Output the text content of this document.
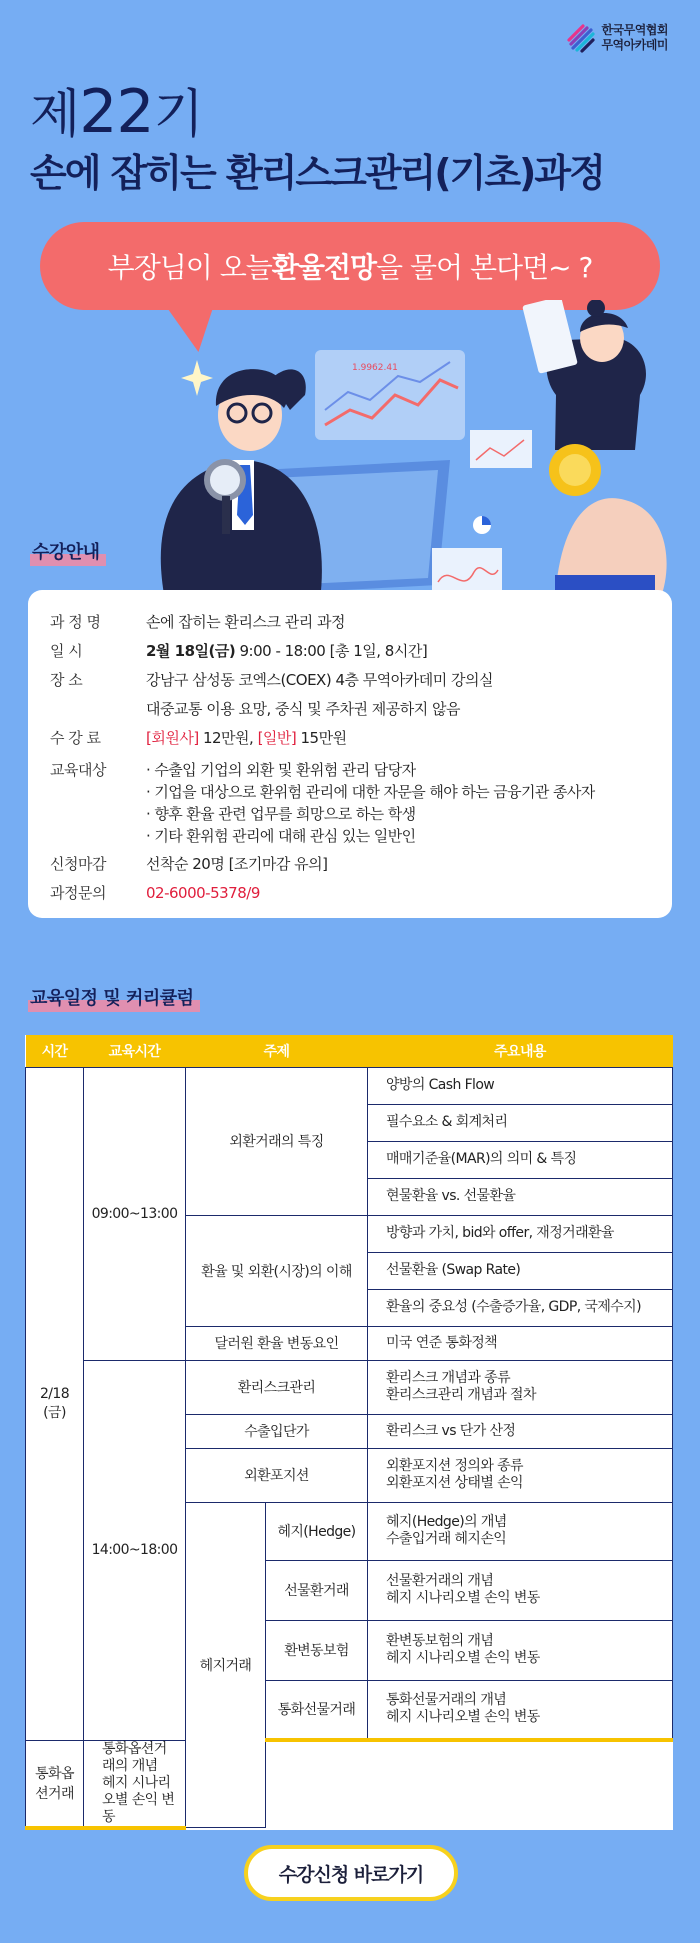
한국무역협회
무역아카데미
제22기
손에 잡히는 환리스크관리(기초)과정
부장님이 오늘 환율전망 을 물어 본다면~ ?
1.9962.41
수강안내
과 정 명	손에 잡히는 환리스크 관리 과정
일 시	2월 18일(금) 9:00 - 18:00 [총 1일, 8시간]
장 소	강남구 삼성동 코엑스(COEX) 4층 무역아카데미 강의실
대중교통 이용 요망, 중식 및 주차권 제공하지 않음
수 강 료	[회원사] 12만원, [일반] 15만원
교육대상	· 수출입 기업의 외환 및 환위험 관리 담당자
· 기업을 대상으로 환위험 관리에 대한 자문을 해야 하는 금융기관 종사자
· 향후 환율 관련 업무를 희망으로 하는 학생
· 기타 환위험 관리에 대해 관심 있는 일반인
신청마감	선착순 20명 [조기마감 유의]
과정문의	02-6000-5378/9
교육일정 및 커리큘럼
시간	교육시간	주제		주요내용
2/18
(금)	09:00~13:00	외환거래의 특징		양방의 Cash Flow
				필수요소 & 회계처리
				매매기준율(MAR)의 의미 & 특징
				현물환율 vs. 선물환율
		환율 및 외환(시장)의 이해		방향과 가치, bid와 offer, 재정거래환율
				선물환율 (Swap Rate)
				환율의 중요성 (수출증가율, GDP, 국제수지)
		달러원 환율 변동요인		미국 연준 통화정책
	14:00~18:00	환리스크관리		환리스크 개념과 종류
환리스크관리 개념과 절차
		수출입단가		환리스크 vs 단가 산정
		외환포지션		외환포지션 정의와 종류
외환포지션 상태별 손익
		헤지거래	헤지(Hedge)	헤지(Hedge)의 개념
수출입거래 헤지손익
			선물환거래	선물환거래의 개념
헤지 시나리오별 손익 변동
			환변동보험	환변동보험의 개념
헤지 시나리오별 손익 변동
			통화선물거래	통화선물거래의 개념
헤지 시나리오별 손익 변동
통화옵션거래	통화옵션거래의 개념
헤지 시나리오별 손익 변동			
수강신청 바로가기
